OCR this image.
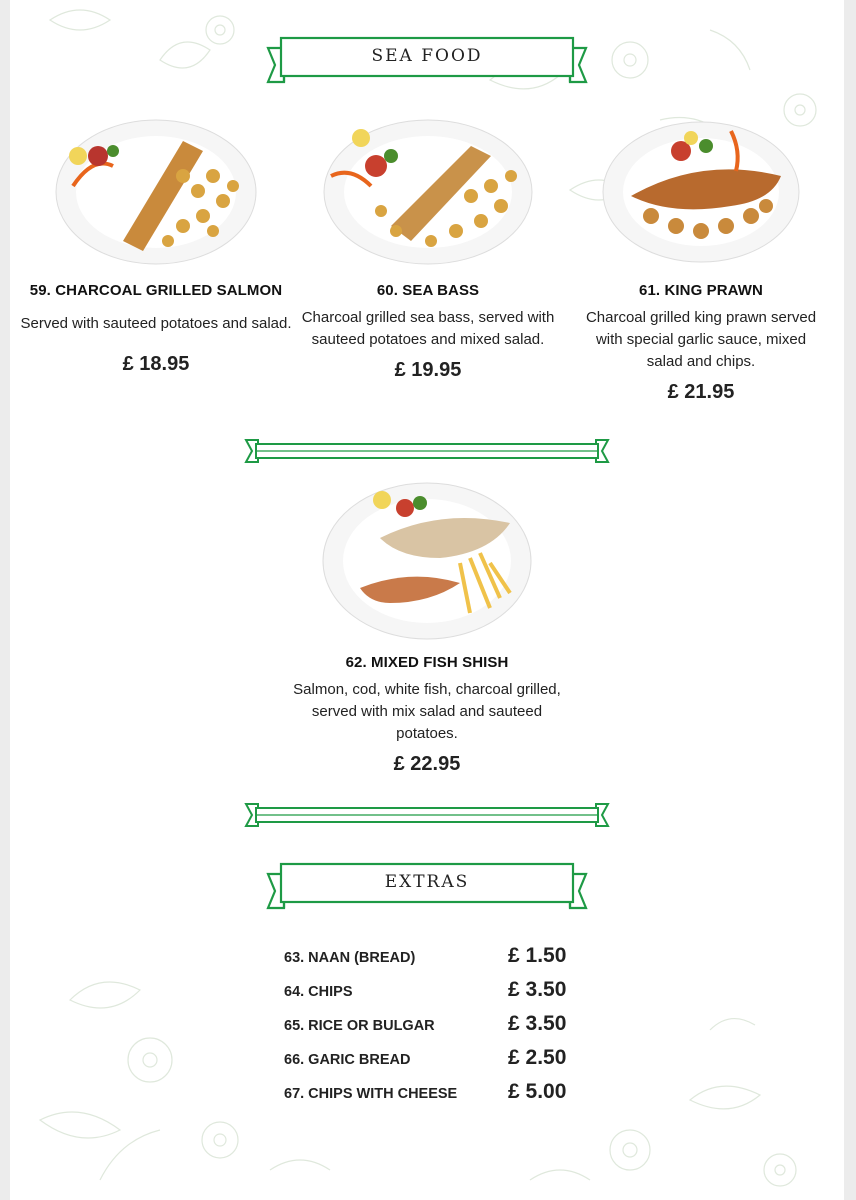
SEA FOOD
59. CHARCOAL GRILLED SALMON
Served with sauteed potatoes and salad.
£ 18.95
60. SEA BASS
Charcoal grilled sea bass, served with sauteed potatoes and mixed salad.
£ 19.95
61. KING PRAWN
Charcoal grilled king prawn served with special garlic sauce, mixed salad and chips.
£ 21.95
62. MIXED FISH SHISH
Salmon, cod, white fish, charcoal grilled, served with mix salad and sauteed potatoes.
£ 22.95
EXTRAS
63. NAAN (BREAD)	£ 1.50
64. CHIPS	£ 3.50
65. RICE OR BULGAR	£ 3.50
66. GARIC BREAD	£ 2.50
67. CHIPS WITH CHEESE £ 5.00
